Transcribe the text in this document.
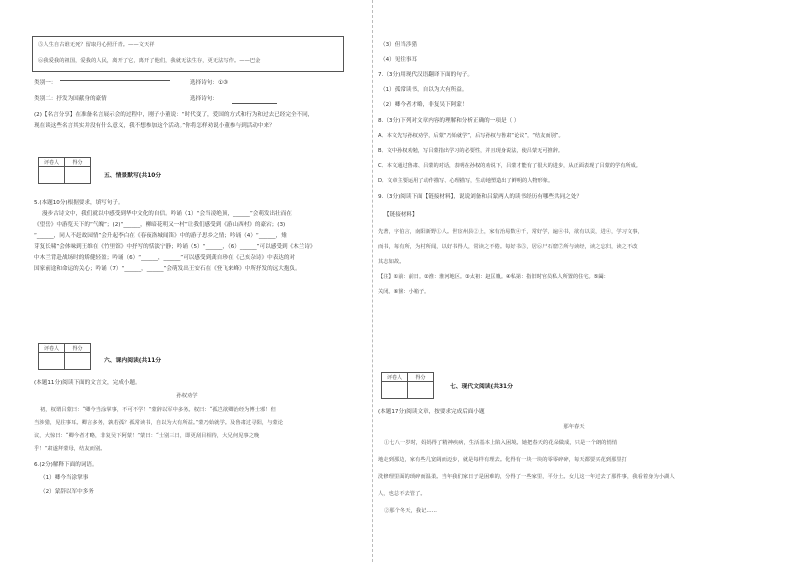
⑤人生自古谁无死？留取丹心照汗青。——文天祥
⑥我爱我的祖国，爱我的人民，离开了它，离开了他们，我就无法生存，更无法写作。——巴金
类别一：	选择诗句：①③
类别二：抒发为国献身的豪情	选择诗句：
(2)【名言分享】在准备名言展示会的过程中，刚子小董说：“时代变了，爱国的方式和行为和过去已经完全不同，
现在谈这些名言其实并没有什么意义，我不想参加这个活动。”你将怎样劝说小董参与到活动中来？
评卷人	得分

五、情景默写(共10分
5.(本题10分)根据要求，填写句子。
漫步古诗文中，我们就以中感受到华中文化的自信。吟诵（1）“会当凌绝顶，______”会萌发出壮而在
《望岳》中游览天下的“气魄”；(2)“______，柳暗花明又一村”让我们感受到《游山西村》的豪宕；(3)
“______，同人不赶故园情”会升起李白在《春夜洛城闻笛》中的游子思乡之情；吟诵（4）“______，雉
芽复长啸”会体味到王维在《竹里馆》中抒写的恬淡宁静；吟诵（5）“______，（6）______”可以感受到《木兰诗》
中木兰背赴战场时的矫健轻盈；吟诵（6）“______，______”可以感受到龚自珍在《己亥杂诗》中表达的对
国家前途和命运的关心；吟诵（7）“______，______”会萌发出王安石在《登飞来峰》中所抒发的远大抱负。
评卷人	得分

六、课内阅读(共11分
(本题11分)阅读下面的文言文，完成小题。
孙权劝学
初，权谓吕蒙曰：“卿今当涂掌事，不可不学！”蒙辞以军中多务。权曰：“孤岂欲卿治经为博士邪！但
当涉猎，见往事耳。卿言多务，孰若孤？孤常读书，自以为大有所益。”蒙乃始就学。及鲁肃过寻阳，与蒙论
议，大惊曰：“卿今者才略，非复吴下阿蒙！”蒙曰：“士别三日，即更刮目相待，大兄何见事之晚
乎！”肃遂拜蒙母，结友而别。
6.(2分)解释下面的词语。
（1）卿今当涂掌事
（2）蒙辞以军中多务
（3）但当涉猎
（4）见往事耳
7.（3分)用现代汉语翻译下面的句子。
（1）孤常读书，自以为大有所益。
（2）卿今者才略，非复吴下阿蒙！
8.（3分)下列对文章内容的理解和分析正确的一项是（ ）
A．本文先写孙权劝学，后蒙“乃始就学”，后写孙权与鲁肃“论议”，“结友而别”。
B．文中孙权劝勉，写吕蒙指出学习的必要性，并且现身说法，使吕蒙无可推辞。
C．本文通过鲁肃、吕蒙的对话，表明在孙权的劝说下，吕蒙才能有了很大的进步，从正面表现了吕蒙的学有所成。
D．文章主要运用了动作描写、心理描写，生动地塑造出了鲜明的人物形象。
9.（3分)阅读下面【链接材料】，说说刘备和吕蒙两人的读书经历有哪些共同之处？
【链接材料】
先著，字伯言，南阳新野①人。世宦州县②上，家有治易数④千，常好学，遍④书，欲有以贡，进④，学习文事，
而书，每有所，为村所闻，以好书得人，常读之不倦。每好书⑤，居⑥尸石窟⑦所与读经，读之忘归，读之不改
其志如故。
【注】①前：前日。②淮：淮河地区。③太祖：赵匡胤。④私第：指旧时官员私人所置的住宅。⑤阖：
关闭。⑥箧：小箱子。
评卷人	得分

七、现代文阅读(共31分
(本题17分)阅读文章，按要求完成后面小题
那年春天
①七八一岁时，妈妈得了精神疾病，生活基本上陷入困境。她把春天的花朵做成，只是一个朗的悄悄
地走到那边，家有些几宽阔而迈步，就是每样有理去。化得有一块一块的零零碎碎，每天都要买花到那里打
洗修理里面的琐碎而温柔。当年我们家日子是困难的，分得了一些家里，平分土。女儿这一年过去了那件事，我看着身为小湖人
人，也总不去管了。
②那个冬天，我记……
